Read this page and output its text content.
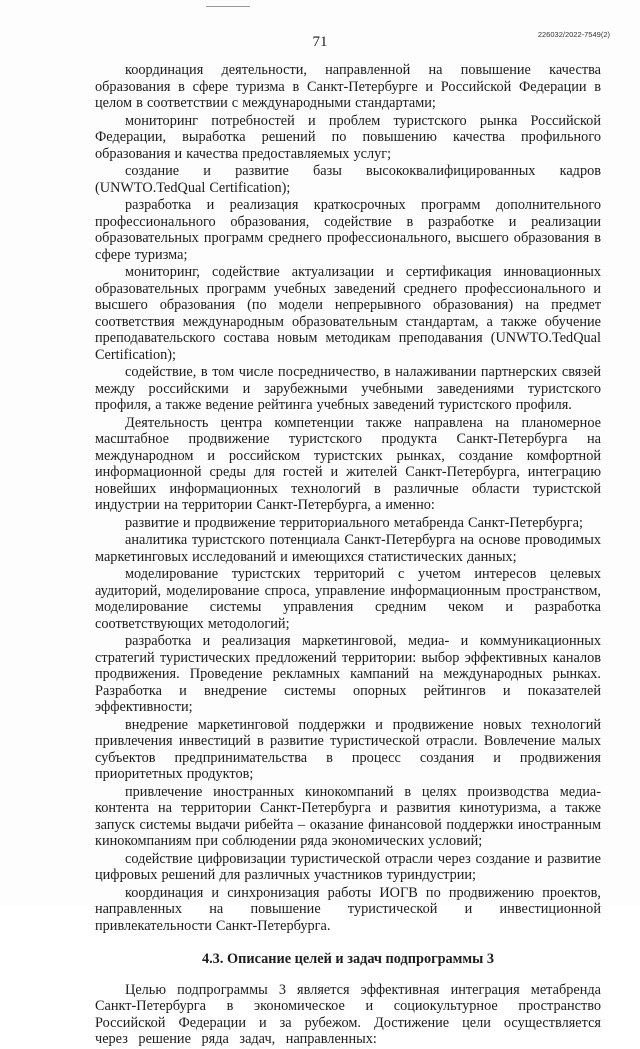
226032/2022-7549(2)
71

координация деятельности, направленной на повышение качества образования в сфере туризма в Санкт-Петербурге и Российской Федерации в целом в соответствии с международными стандартами;

мониторинг потребностей и проблем туристского рынка Российской Федерации, выработка решений по повышению качества профильного образования и качества предоставляемых услуг;

создание и развитие базы высококвалифицированных кадров (UNWTO.TedQual Certification);

разработка и реализация краткосрочных программ дополнительного профессионального образования, содействие в разработке и реализации образовательных программ среднего профессионального, высшего образования в сфере туризма;

мониторинг, содействие актуализации и сертификация инновационных образовательных программ учебных заведений среднего профессионального и высшего образования (по модели непрерывного образования) на предмет соответствия международным образовательным стандартам, а также обучение преподавательского состава новым методикам преподавания (UNWTO.TedQual Certification);

содействие, в том числе посредничество, в налаживании партнерских связей между российскими и зарубежными учебными заведениями туристского профиля, а также ведение рейтинга учебных заведений туристского профиля.

Деятельность центра компетенции также направлена на планомерное масштабное продвижение туристского продукта Санкт-Петербурга на международном и российском туристских рынках, создание комфортной информационной среды для гостей и жителей Санкт-Петербурга, интеграцию новейших информационных технологий в различные области туристской индустрии на территории Санкт-Петербурга, а именно:

развитие и продвижение территориального метабренда Санкт-Петербурга;

аналитика туристского потенциала Санкт-Петербурга на основе проводимых маркетинговых исследований и имеющихся статистических данных;

моделирование туристских территорий с учетом интересов целевых аудиторий, моделирование спроса, управление информационным пространством, моделирование системы управления средним чеком и разработка соответствующих методологий;

разработка и реализация маркетинговой, медиа- и коммуникационных стратегий туристических предложений территории: выбор эффективных каналов продвижения. Проведение рекламных кампаний на международных рынках. Разработка и внедрение системы опорных рейтингов и показателей эффективности;

внедрение маркетинговой поддержки и продвижение новых технологий привлечения инвестиций в развитие туристической отрасли. Вовлечение малых субъектов предпринимательства в процесс создания и продвижения приоритетных продуктов;

привлечение иностранных кинокомпаний в целях производства медиа-контента на территории Санкт-Петербурга и развития кинотуризма, а также запуск системы выдачи рибейта – оказание финансовой поддержки иностранным кинокомпаниям при соблюдении ряда экономических условий;

содействие цифровизации туристической отрасли через создание и развитие цифровых решений для различных участников туриндустрии;

координация и синхронизация работы ИОГВ по продвижению проектов, направленных на повышение туристической и инвестиционной привлекательности Санкт-Петербурга.

4.3. Описание целей и задач подпрограммы 3

Целью подпрограммы 3 является эффективная интеграция метабренда Санкт-Петербурга в экономическое и социокультурное пространство Российской Федерации и за рубежом. Достижение цели осуществляется через решение ряда задач, направленных:
